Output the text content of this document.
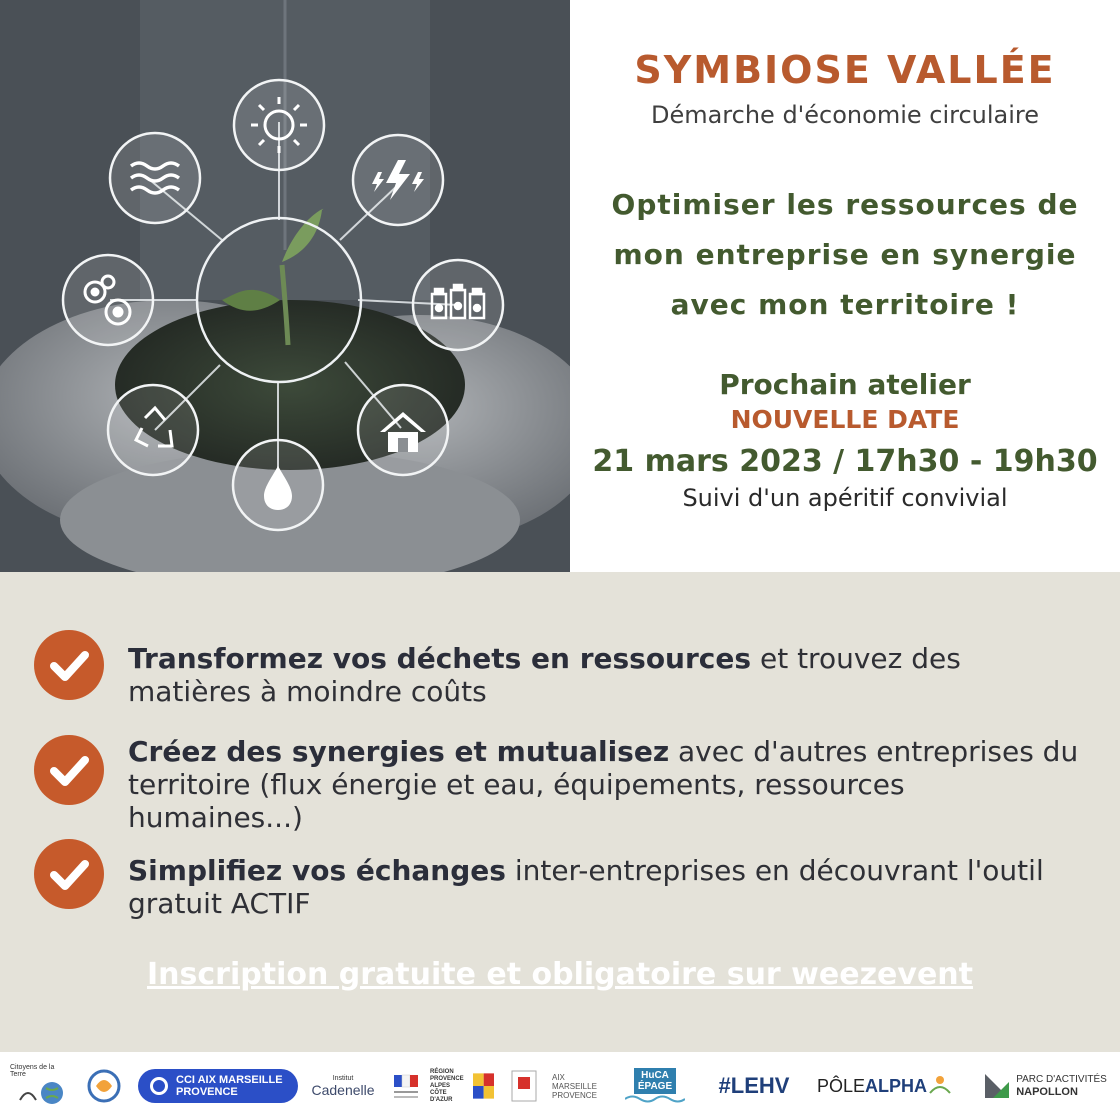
SYMBIOSE VALLÉE
Démarche d'économie circulaire
Optimiser les ressources de
mon entreprise en synergie
avec mon territoire !
Prochain atelier
NOUVELLE DATE
21 mars 2023 / 17h30 - 19h30
Suivi d'un apéritif convivial
Transformez vos déchets en ressources et trouvez des matières à moindre coûts
Créez des synergies et mutualisez avec d'autres entreprises du territoire (flux énergie et eau, équipements, ressources humaines...)
Simplifiez vos échanges inter-entreprises en découvrant l'outil gratuit ACTIF
Inscription gratuite et obligatoire sur weezevent
Citoyens de la Terre	CCI AIX MARSEILLE
PROVENCE
Institut
Cadenelle
RÉGION
PROVENCE
ALPES
CÔTE D'AZUR
AIX
MARSEILLE
PROVENCE
HuCA
ÉPAGE #LEHV PÔLE ALPHA	PARC D'ACTIVITÉS
NAPOLLON
